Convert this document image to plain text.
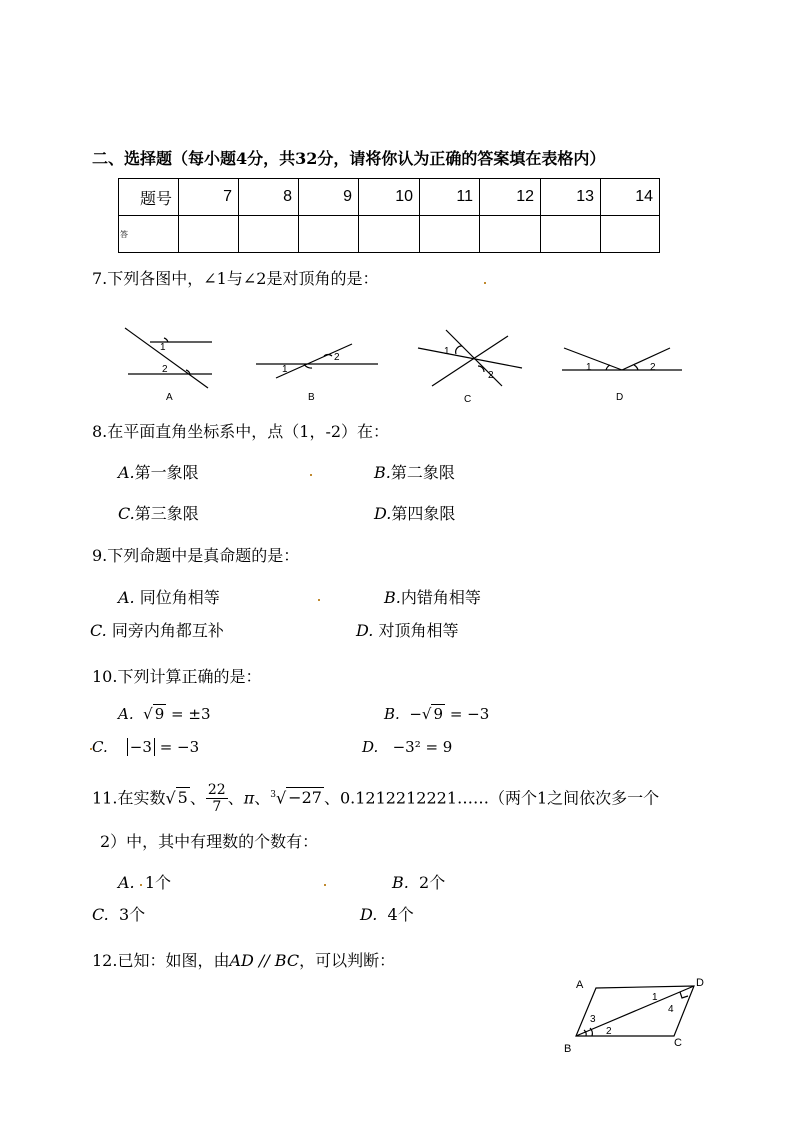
二、选择题（每小题4分，共32分，请将你认为正确的答案填在表格内）
题号	7	8	9	10	11	12	13	14
答								
7.下列各图中，∠1与∠2是对顶角的是：
1
2
A
1
2
B
1
2
C
1	2
D
8.在平面直角坐标系中，点（1，-2）在：
A.第一象限	B.第二象限
C.第三象限	D.第四象限
9.下列命题中是真命题的是：
A. 同位角相等	B.内错角相等
C. 同旁内角都互补	D. 对顶角相等
10.下列计算正确的是：
A.  √ 9 = ±3	B. −√ 9 = −3
C. −3 = −3	D. −3² = 9
11.在实数√ 5 、 $\frac{22}{7}$ 、π、$^3$√ −27 、0.1212212221……（两个1之间依次多一个
2）中，其中有理数的个数有：
A. 1个	B. 2个
C. 3个	D. 4个
12.已知：如图，由AD // BC，可以判断：
A	D
B	C
1
2
3
4
